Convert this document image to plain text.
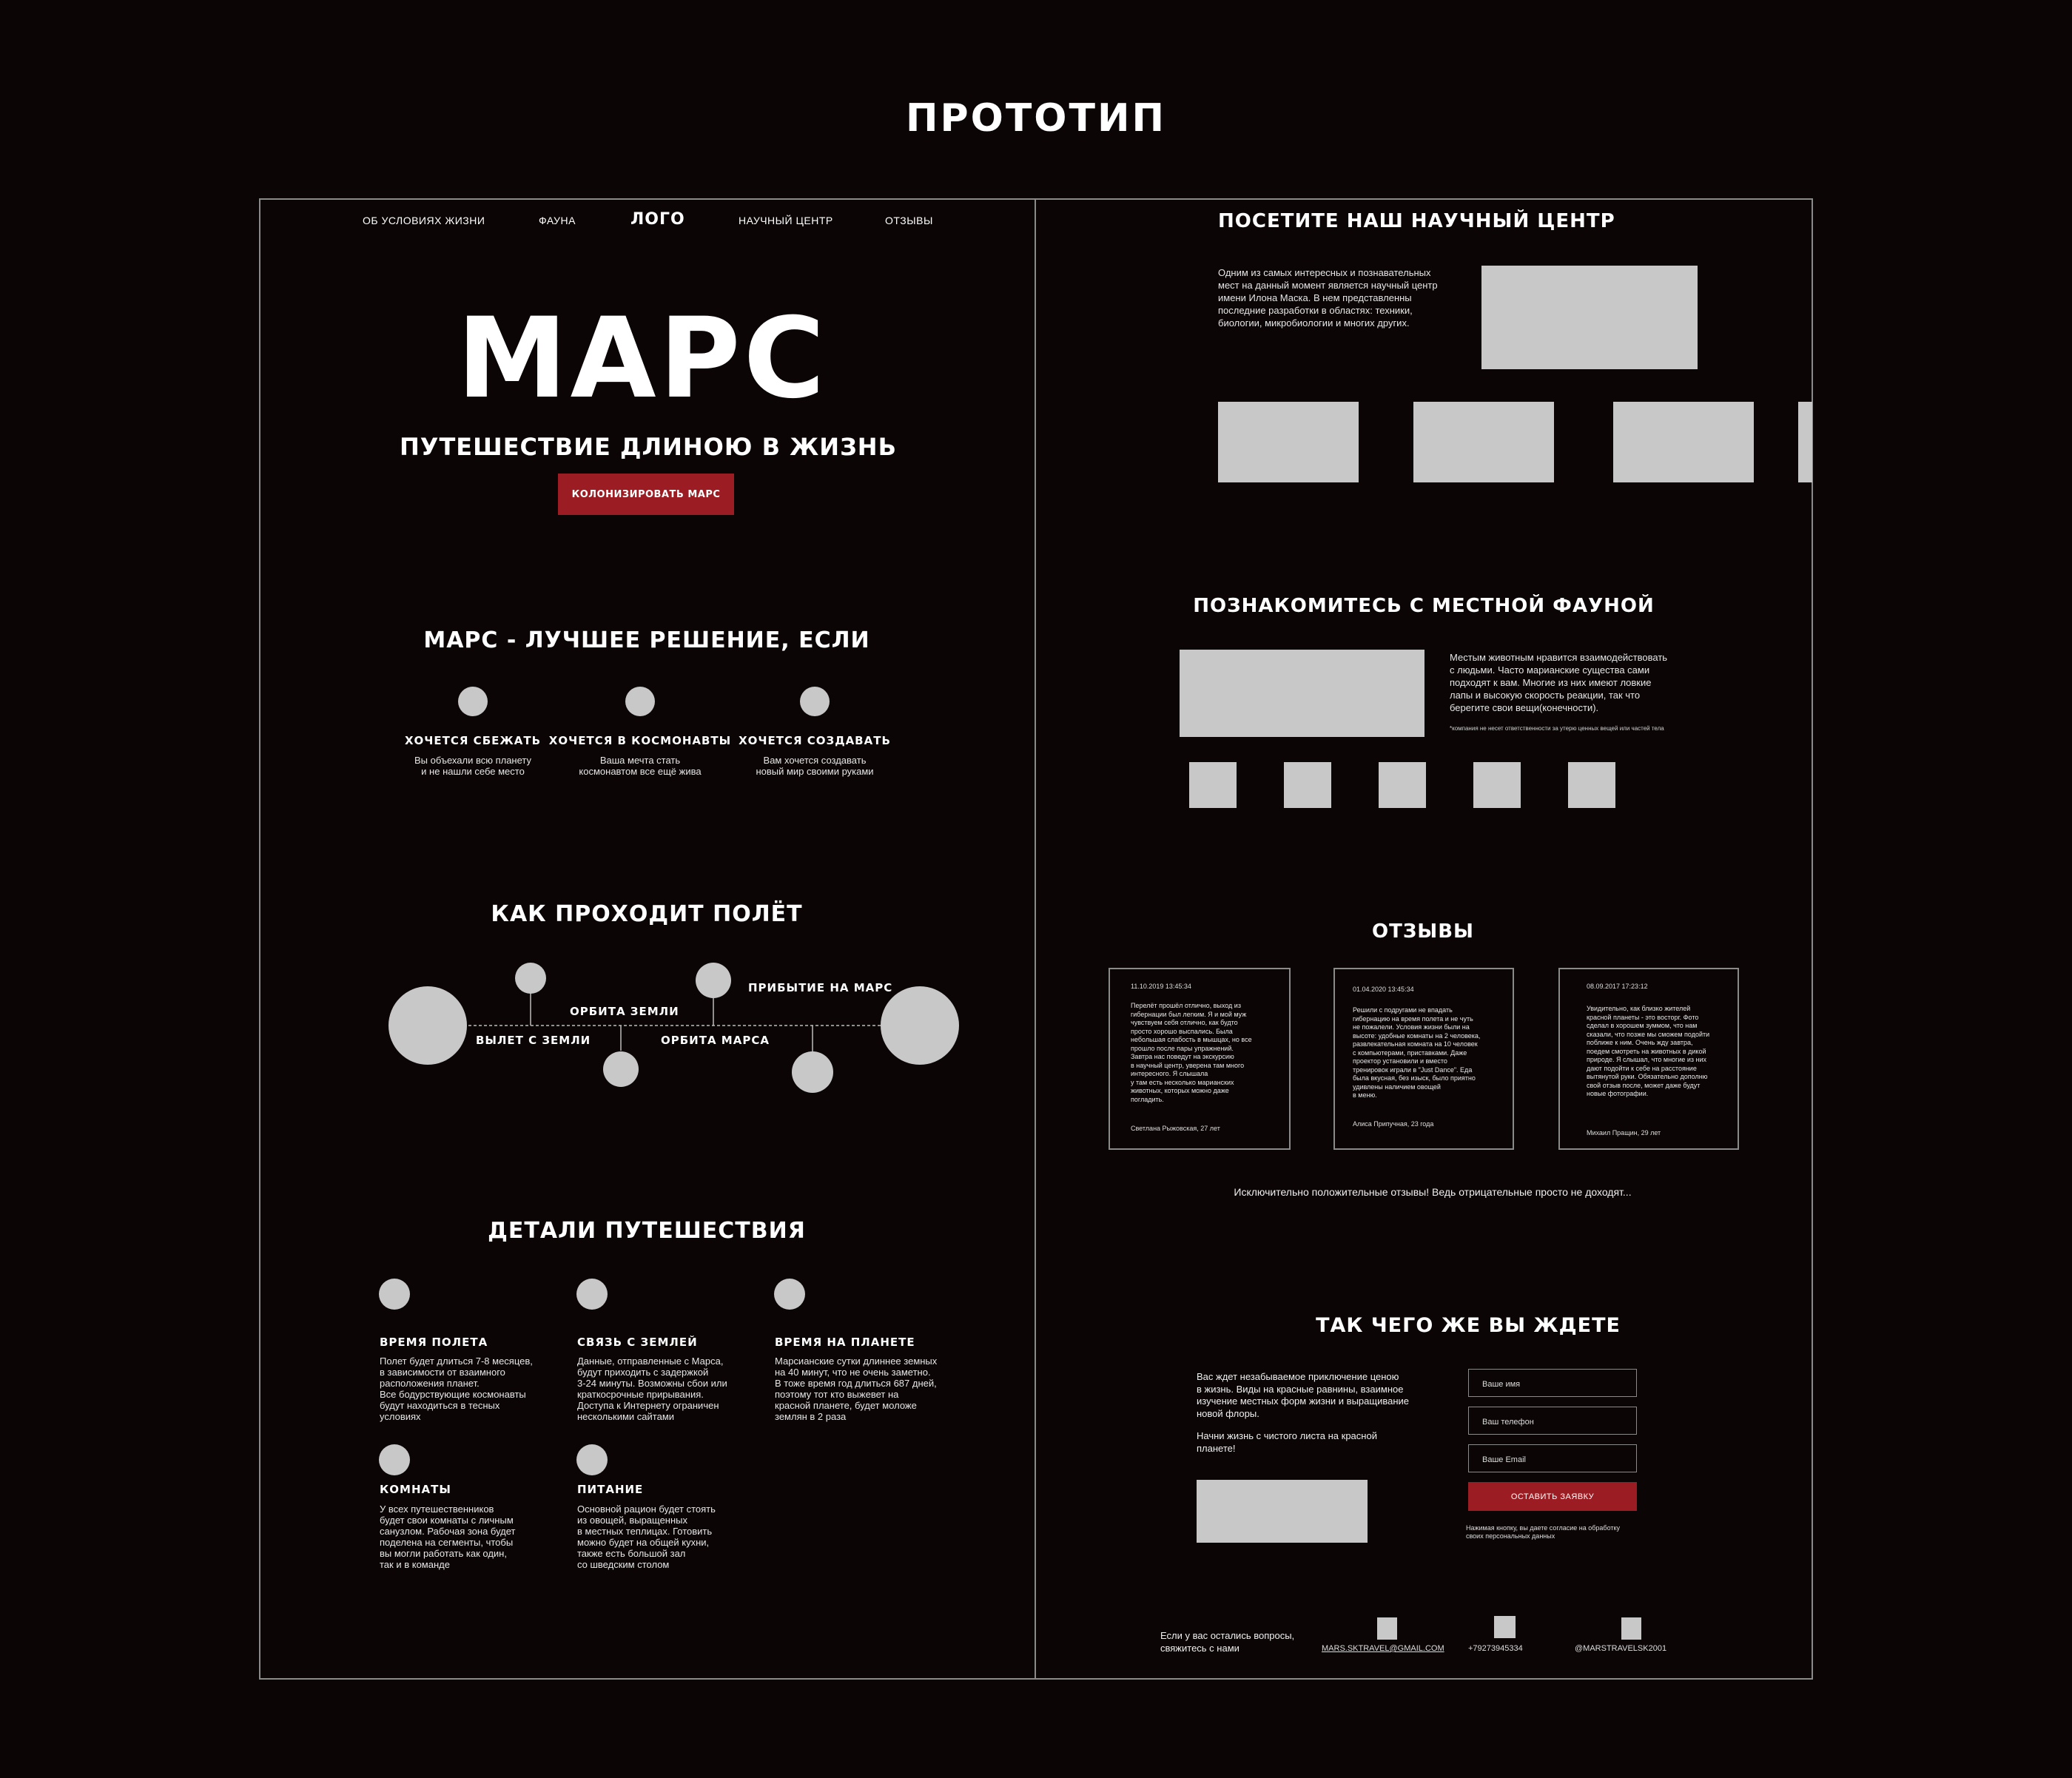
ПРОТОТИП
ОБ УСЛОВИЯХ ЖИЗНИ	ФАУНА	ЛОГО	НАУЧНЫЙ ЦЕНТР	ОТЗЫВЫ
МАРС
ПУТЕШЕСТВИЕ ДЛИНОЮ В ЖИЗНЬ
КОЛОНИЗИРОВАТЬ МАРС
МАРС - ЛУЧШЕЕ РЕШЕНИЕ, ЕСЛИ
ХОЧЕТСЯ СБЕЖАТЬ
Вы объехали всю планету
и не нашли себе место
ХОЧЕТСЯ В КОСМОНАВТЫ
Ваша мечта стать
космонавтом все ещё жива
ХОЧЕТСЯ СОЗДАВАТЬ
Вам хочется создавать
новый мир своими руками
КАК ПРОХОДИТ ПОЛЁТ
ВЫЛЕТ С ЗЕМЛИ
ОРБИТА ЗЕМЛИ
ОРБИТА МАРСА
ПРИБЫТИЕ НА МАРС
ДЕТАЛИ ПУТЕШЕСТВИЯ
ВРЕМЯ ПОЛЕТА
Полет будет длиться 7-8 месяцев,
в зависимости от взаимного
расположения планет.
Все бодурствующие космонавты
будут находиться в тесных
условиях
СВЯЗЬ С ЗЕМЛЕЙ
Данные, отправленные с Марса,
будут приходить с задержкой
3-24 минуты. Возможны сбои или
краткосрочные прирывания.
Доступа к Интернету ограничен
несколькими сайтами
ВРЕМЯ НА ПЛАНЕТЕ
Марсианские сутки длиннее земных
на 40 минут, что не очень заметно.
В тоже время год длиться 687 дней,
поэтому тот кто выжевет на
красной планете, будет моложе
землян в 2 раза
КОМНАТЫ
У всех путешественников
будет свои комнаты с личным
санузлом. Рабочая зона будет
поделена на сегменты, чтобы
вы могли работать как один,
так и в команде
ПИТАНИЕ
Основной рацион будет стоять
из овощей, выращенных
в местных теплицах. Готовить
можно будет на общей кухни,
также есть большой зал
со шведским столом
ПОСЕТИТЕ НАШ НАУЧНЫЙ ЦЕНТР
Одним из самых интересных и познавательных
мест на данный момент является научный центр
имени Илона Маска. В нем представленны
последние разработки в областях: техники,
биологии, микробиологии и многих других.
ПОЗНАКОМИТЕСЬ С МЕСТНОЙ ФАУНОЙ
Местым животным нравится взаимодействовать
с людьми. Часто марианские существа сами
подходят к вам. Многие из них имеют ловкие
лапы и высокую скорость реакции, так что
берегите свои вещи(конечности).
*компания не несет ответственности за утерю ценных вещей или частей тела
ОТЗЫВЫ
11.10.2019 13:45:34
Перелёт прошёл отлично, выход из
гибернации был легким. Я и мой муж
чувствуем себя отлично, как будто
просто хорошо выспались. Была
небольшая слабость в мышцах, но все
прошло после пары упражнений.
Завтра нас поведут на экскурсию
в научный центр, уверена там много
интересного. Я слышала
у там есть несколько марианских
животных, которых можно даже
погладить.
Светлана Рыжовская, 27 лет
01.04.2020 13:45:34
Решили с подругами не впадать
гибернацию на время полета и не чуть
не пожалели. Условия жизни были на
высоте: удобные комнаты на 2 человека,
развлекательная комната на 10 человек
с компьютерами, приставками. Даже
проектор установили и вместо
тренировок играли в "Just Dance". Еда
была вкусная, без изыск, было приятно
удивлены наличием овощей
в меню.
Алиса Припучная, 23 года
08.09.2017 17:23:12
Увидительно, как близко жителей
красной планеты - это восторг. Фото
сделал в хорошем зуммом, что нам
сказали, что позже мы сможем подойти
поближе к ним. Очень жду завтра,
поедем смотреть на животных в дикой
природе. Я слышал, что многие из них
дают подойти к себе на расстояние
вытянутой руки. Обязательно дополню
свой отзыв после, может даже будут
новые фотографии.
Михаил Пращин, 29 лет
Исключительно положительные отзывы! Ведь отрицательные просто не доходят...
ТАК ЧЕГО ЖЕ ВЫ ЖДЕТЕ
Вас ждет незабываемое приключение ценою
в жизнь. Виды на красные равнины, взаимное
изучение местных форм жизни и выращивание
новой флоры.
Начни жизнь с чистого листа на красной
планете!
Ваше имя
Ваш телефон
Ваше Email
ОСТАВИТЬ ЗАЯВКУ
Нажимая кнопку, вы даете согласие на обработку
своих персональных данных
Если у вас остались вопросы,
свяжитесь с нами	MARS.SKTRAVEL@GMAIL.COM	+79273945334	@MARSTRAVELSK2001
